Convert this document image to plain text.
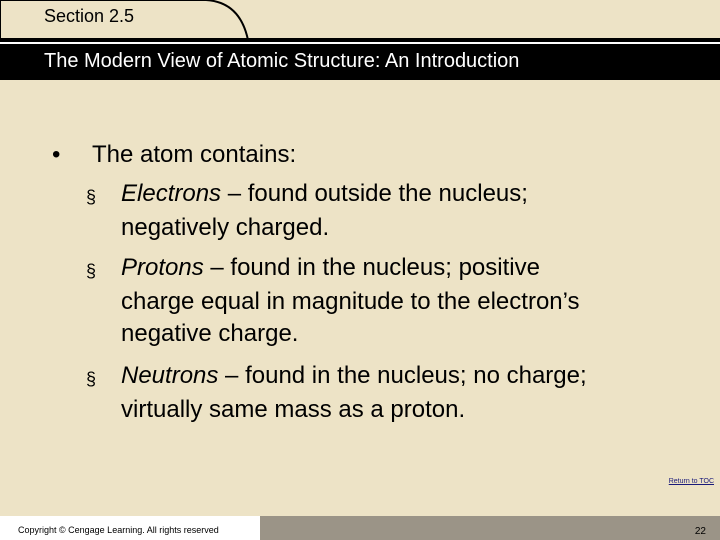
Section 2.5
The Modern View of Atomic Structure: An Introduction
• The atom contains:
§ Electrons – found outside the nucleus;
negatively charged.
§ Protons – found in the nucleus; positive
charge equal in magnitude to the electron’s
negative charge.
§ Neutrons – found in the nucleus; no charge;
virtually same mass as a proton.
Return to TOC
Copyright © Cengage Learning. All rights reserved	22
